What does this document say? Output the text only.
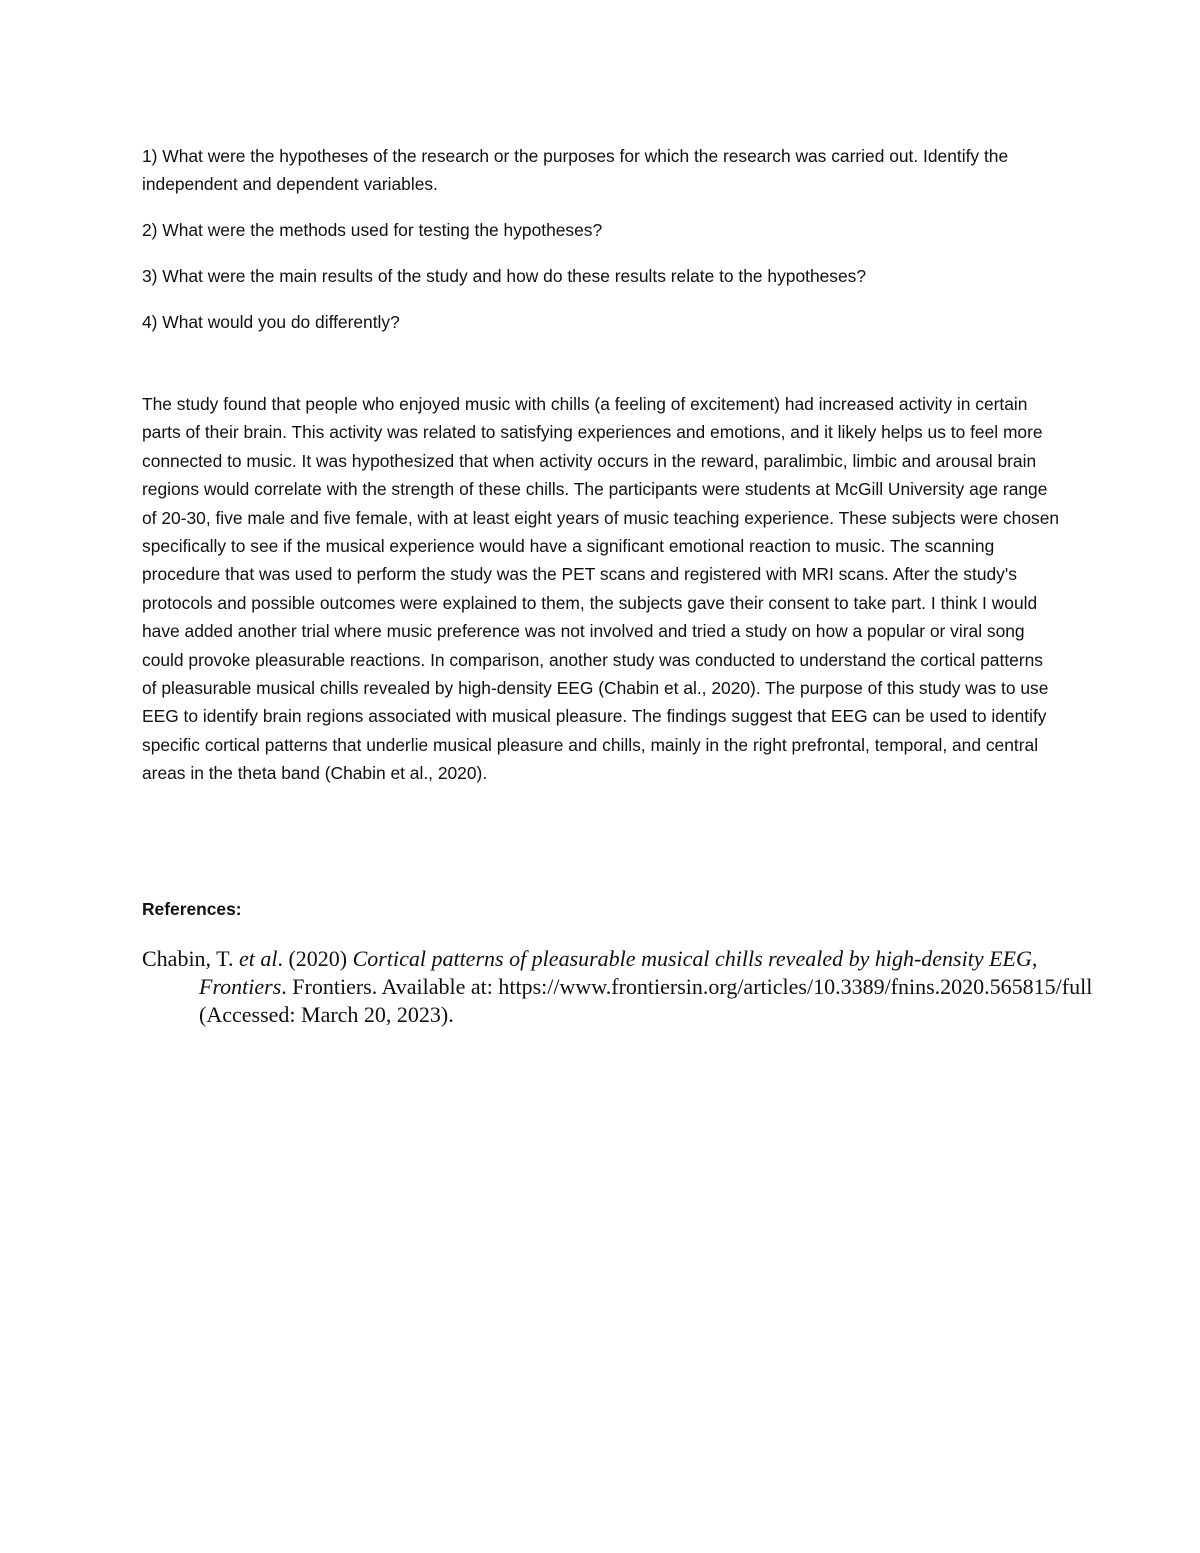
1) What were the hypotheses of the research or the purposes for which the research was carried out. Identify the independent and dependent variables.

2) What were the methods used for testing the hypotheses?

3) What were the main results of the study and how do these results relate to the hypotheses?

4) What would you do differently?

The study found that people who enjoyed music with chills (a feeling of excitement) had increased activity in certain parts of their brain. This activity was related to satisfying experiences and emotions, and it likely helps us to feel more connected to music. It was hypothesized that when activity occurs in the reward, paralimbic, limbic and arousal brain regions would correlate with the strength of these chills. The participants were students at McGill University age range of 20-30, five male and five female, with at least eight years of music teaching experience. These subjects were chosen specifically to see if the musical experience would have a significant emotional reaction to music. The scanning procedure that was used to perform the study was the PET scans and registered with MRI scans. After the study's protocols and possible outcomes were explained to them, the subjects gave their consent to take part. I think I would have added another trial where music preference was not involved and tried a study on how a popular or viral song could provoke pleasurable reactions. In comparison, another study was conducted to understand the cortical patterns of pleasurable musical chills revealed by high-density EEG (Chabin et al., 2020). The purpose of this study was to use EEG to identify brain regions associated with musical pleasure. The findings suggest that EEG can be used to identify specific cortical patterns that underlie musical pleasure and chills, mainly in the right prefrontal, temporal, and central areas in the theta band (Chabin et al., 2020).

References:

Chabin, T. et al. (2020) Cortical patterns of pleasurable musical chills revealed by high-density EEG, Frontiers. Frontiers. Available at: https://www.frontiersin.org/articles/10.3389/fnins.2020.565815/full (Accessed: March 20, 2023).
